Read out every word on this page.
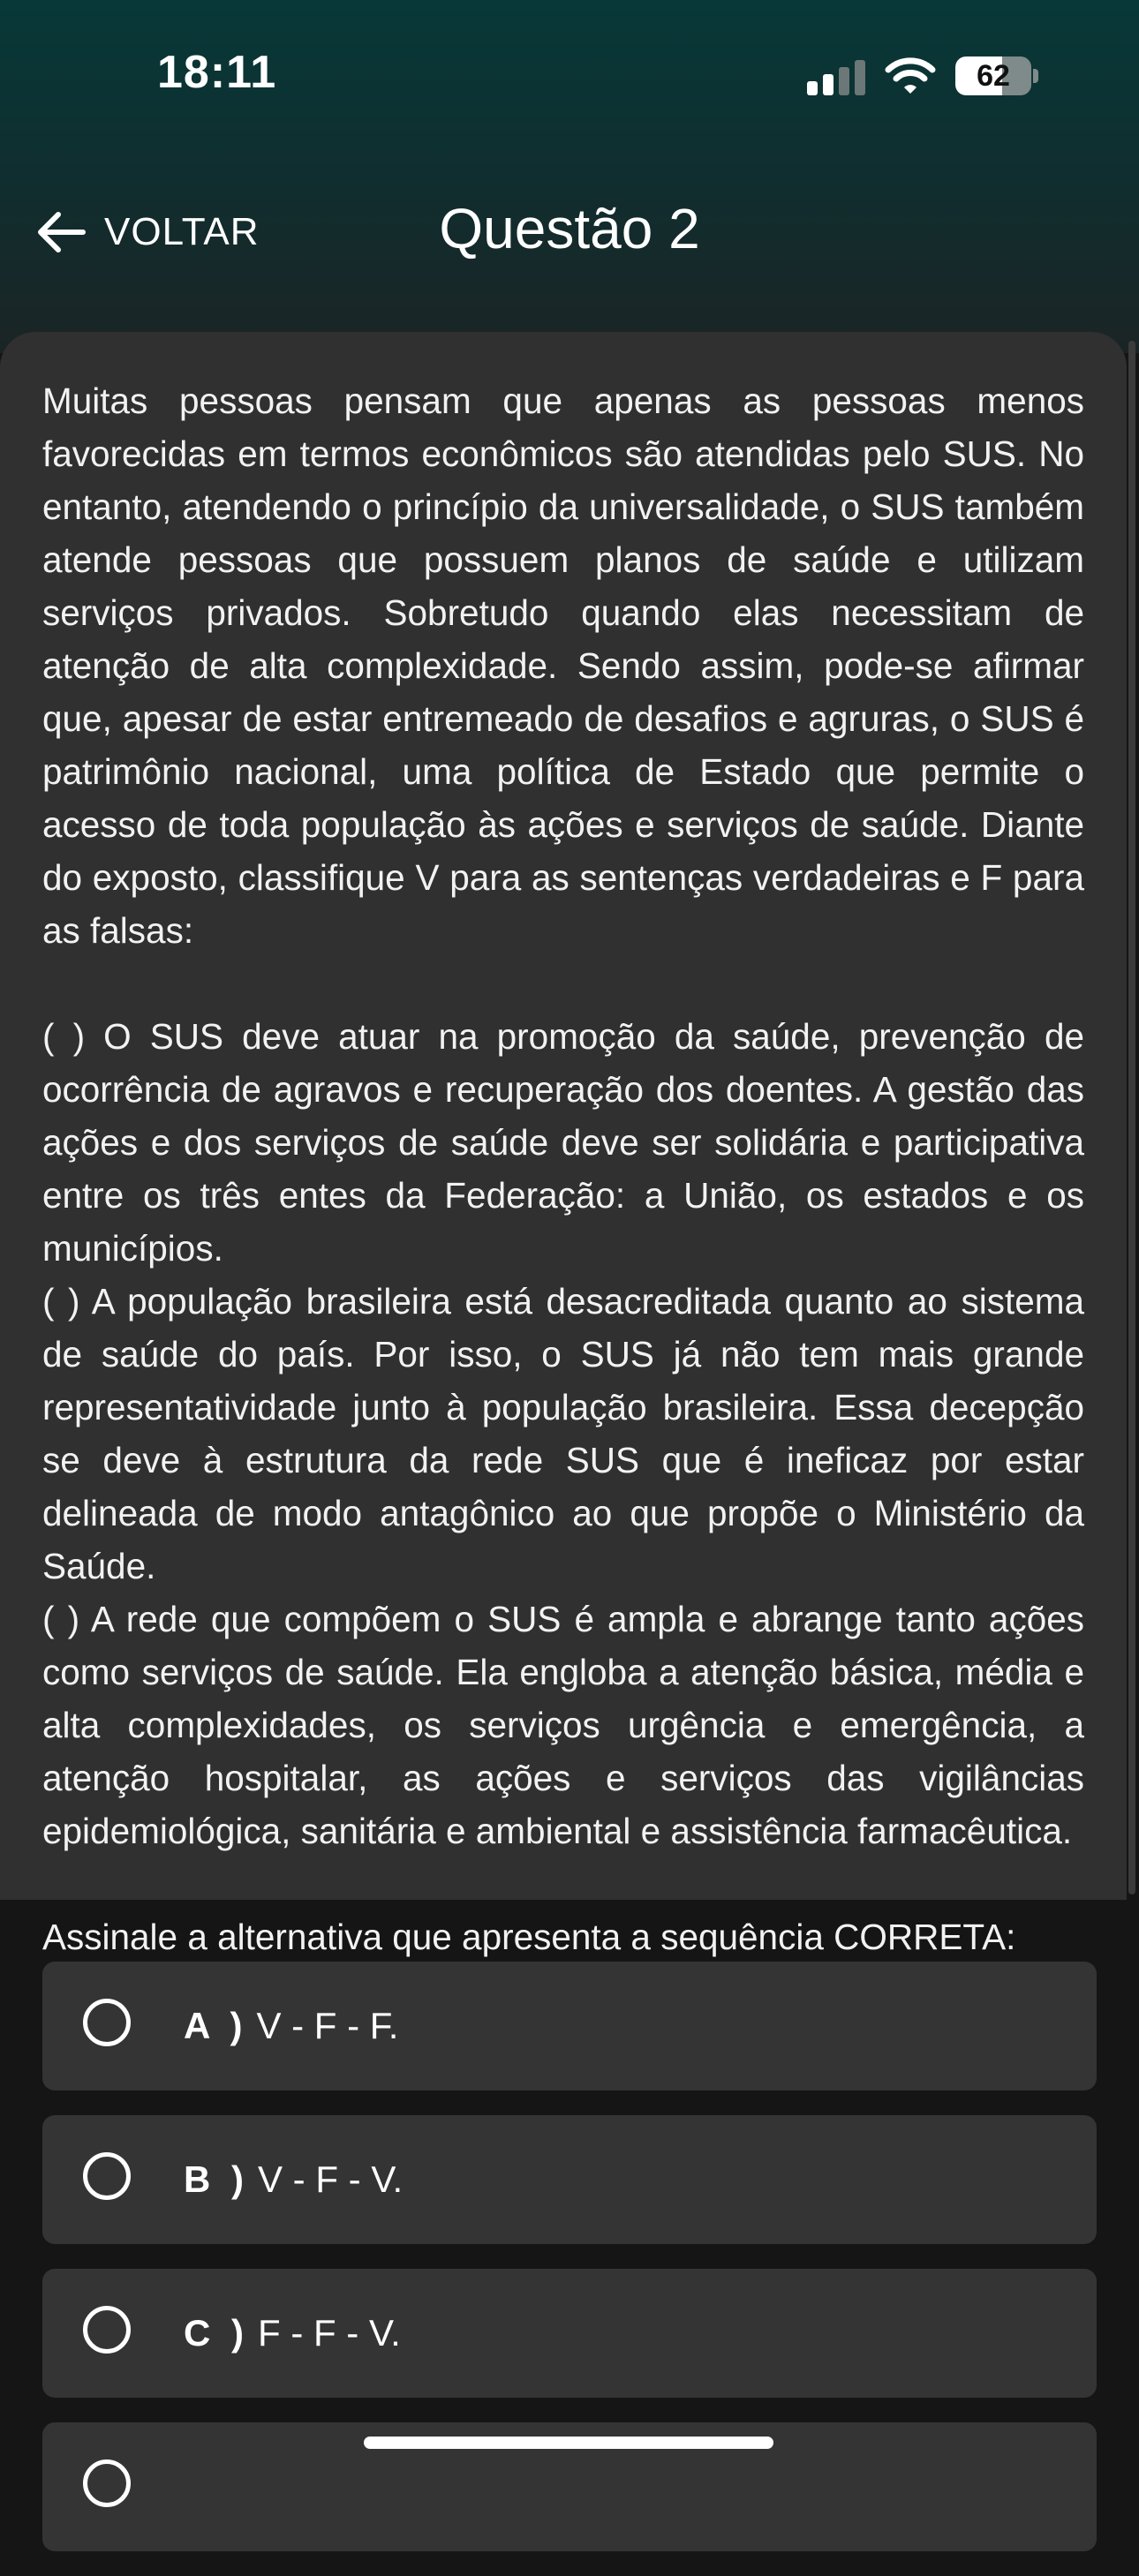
18:11	62
VOLTAR	Questão 2

Muitas pessoas pensam que apenas as pessoas menos favorecidas em termos econômicos são atendidas pelo SUS. No entanto, atendendo o princípio da universalidade, o SUS também atende pessoas que possuem planos de saúde e utilizam serviços privados. Sobretudo quando elas necessitam de atenção de alta complexidade. Sendo assim, pode-se afirmar que, apesar de estar entremeado de desafios e agruras, o SUS é patrimônio nacional, uma política de Estado que permite o acesso de toda população às ações e serviços de saúde. Diante do exposto, classifique V para as sentenças verdadeiras e F para as falsas:

( ) O SUS deve atuar na promoção da saúde, prevenção de ocorrência de agravos e recuperação dos doentes. A gestão das ações e dos serviços de saúde deve ser solidária e participativa entre os três entes da Federação: a União, os estados e os municípios.

( ) A população brasileira está desacreditada quanto ao sistema de saúde do país. Por isso, o SUS já não tem mais grande representatividade junto à população brasileira. Essa decepção se deve à estrutura da rede SUS que é ineficaz por estar delineada de modo antagônico ao que propõe o Ministério da Saúde.

( ) A rede que compõem o SUS é ampla e abrange tanto ações como serviços de saúde. Ela engloba a atenção básica, média e alta complexidades, os serviços urgência e emergência, a atenção hospitalar, as ações e serviços das vigilâncias epidemiológica, sanitária e ambiental e assistência farmacêutica.

Assinale a alternativa que apresenta a sequência CORRETA:

A ) V - F - F.
B ) V - F - V.
C ) F - F - V.
